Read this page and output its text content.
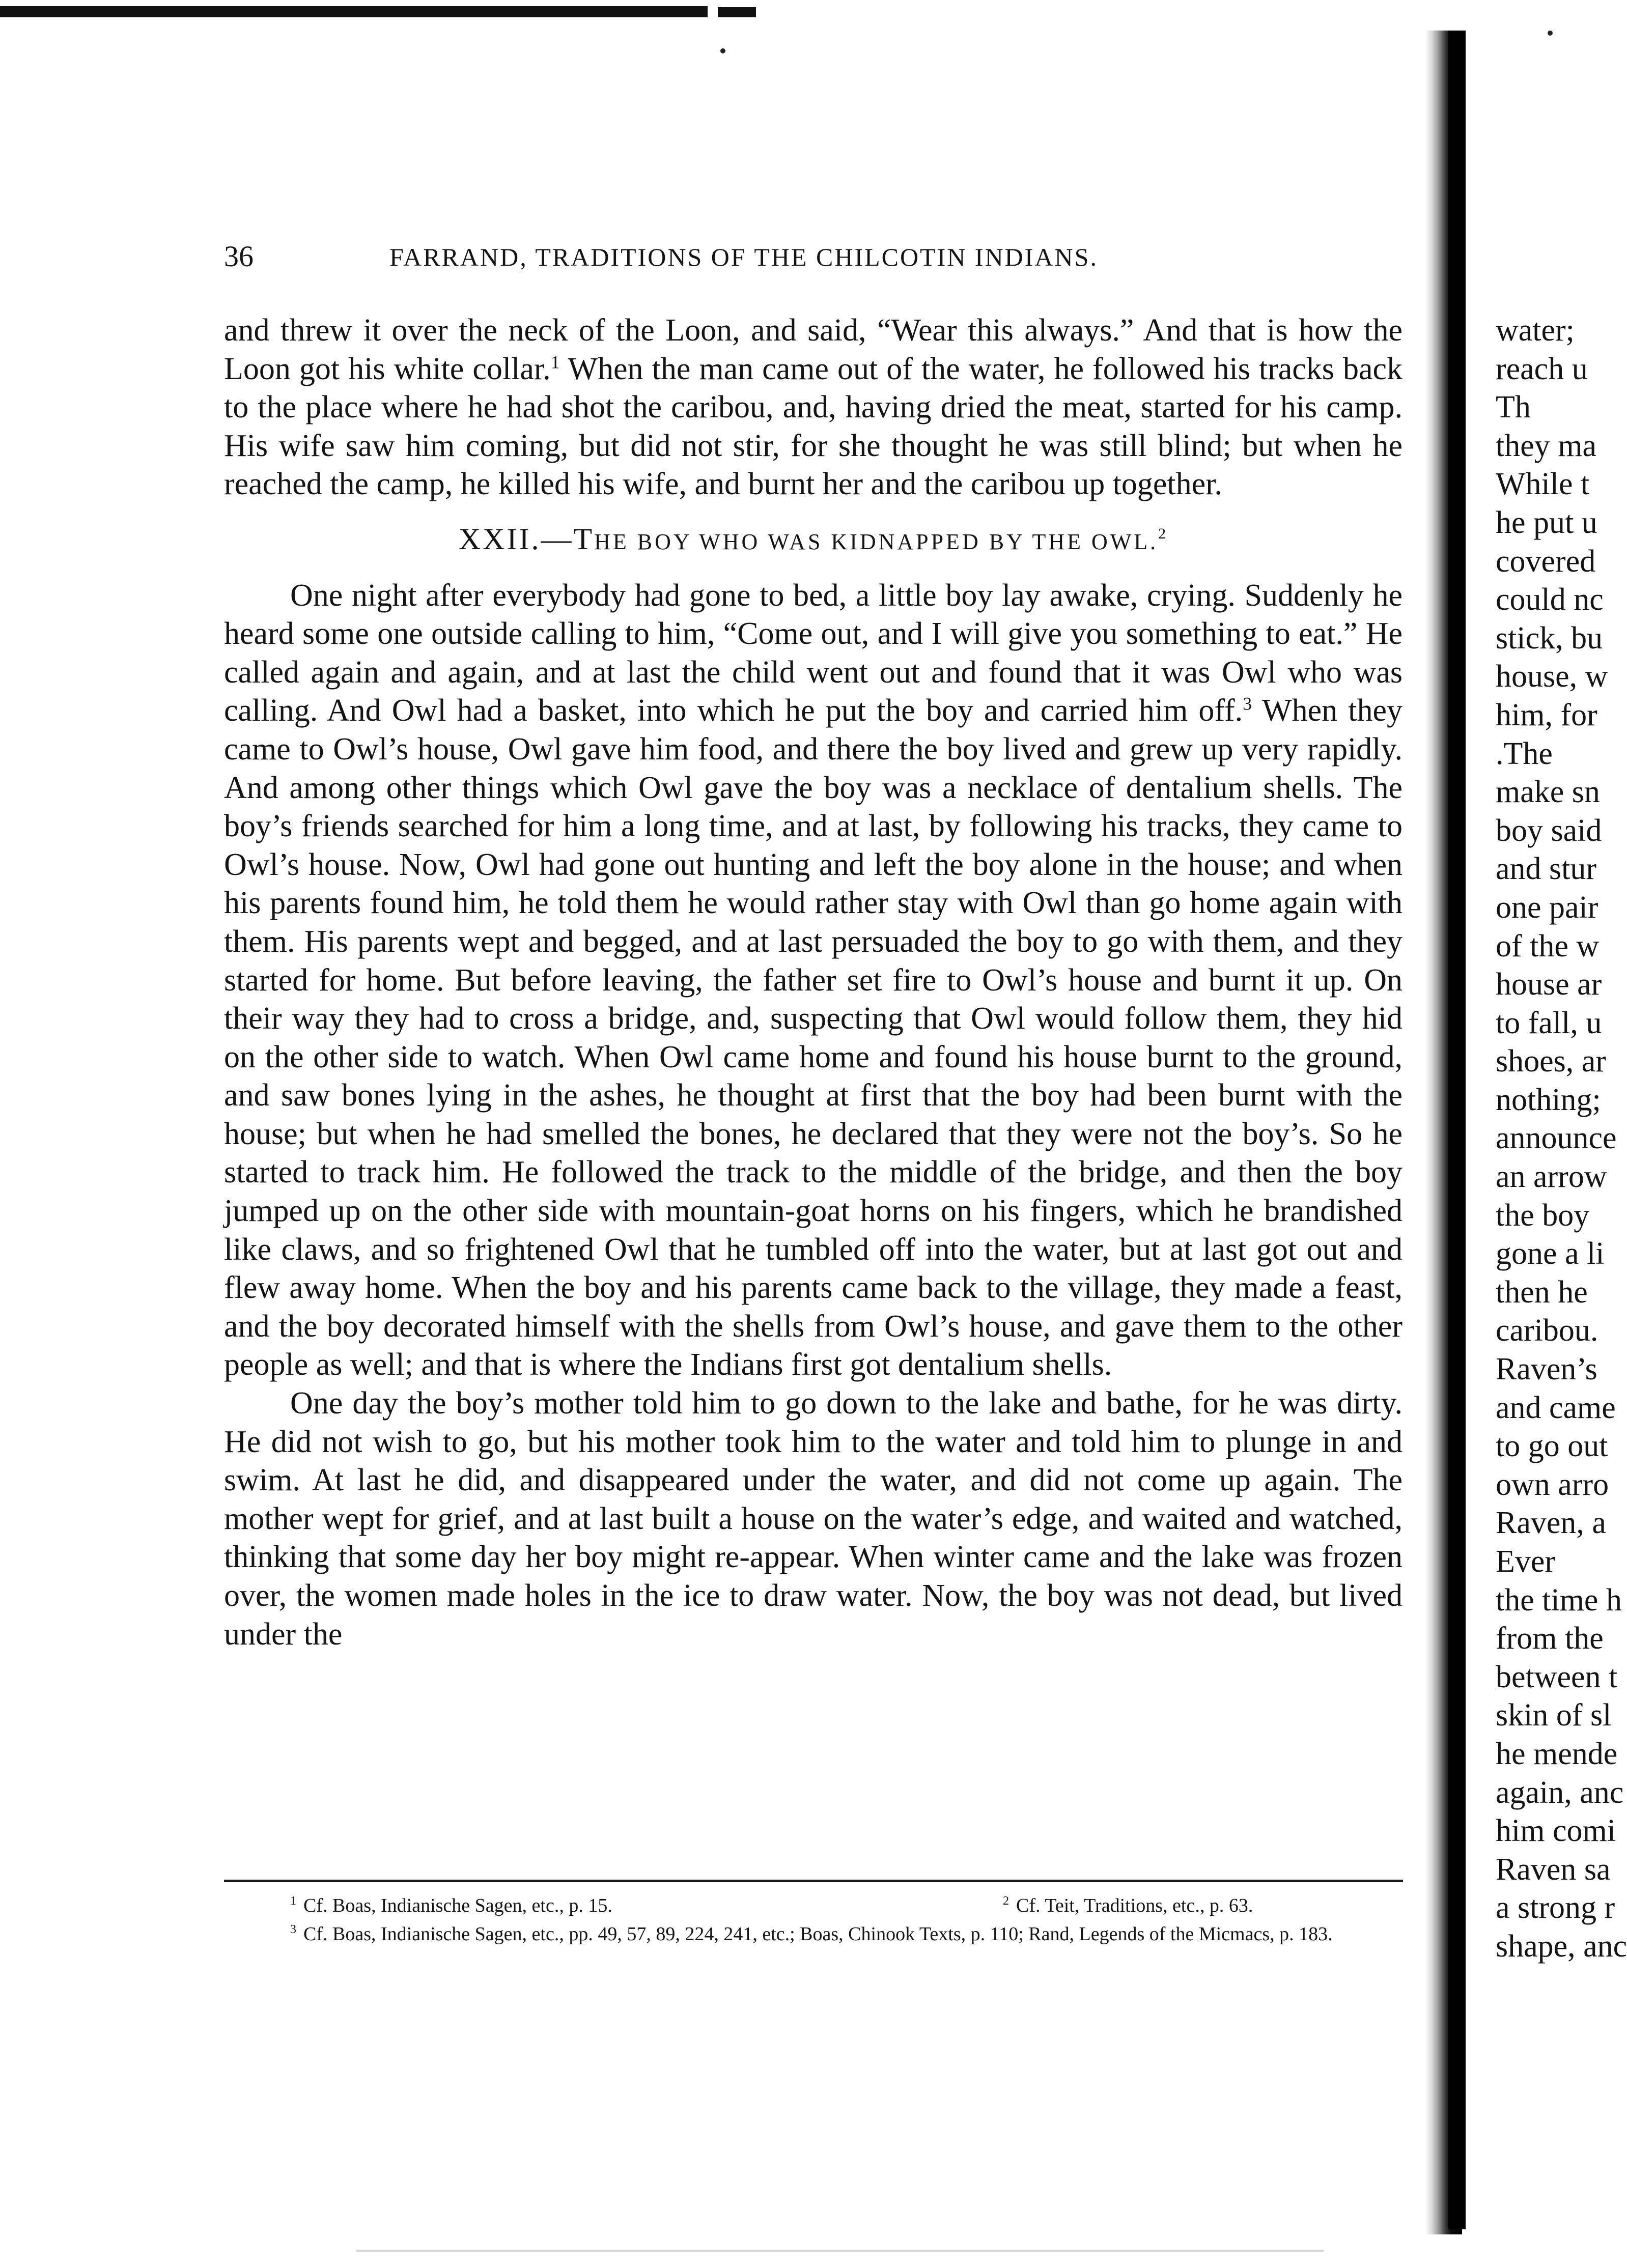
36	FARRAND, TRADITIONS OF THE CHILCOTIN INDIANS.

and threw it over the neck of the Loon, and said, “Wear this always.” And that is how the Loon got his white collar.$^1$ When the man came out of the water, he followed his tracks back to the place where he had shot the caribou, and, having dried the meat, started for his camp. His wife saw him coming, but did not stir, for she thought he was still blind; but when he reached the camp, he killed his wife, and burnt her and the caribou up together.

XXII.—THE BOY WHO WAS KIDNAPPED BY THE OWL.$^2$

One night after everybody had gone to bed, a little boy lay awake, crying. Suddenly he heard some one outside calling to him, “Come out, and I will give you something to eat.” He called again and again, and at last the child went out and found that it was Owl who was calling. And Owl had a basket, into which he put the boy and carried him off.$^3$ When they came to Owl’s house, Owl gave him food, and there the boy lived and grew up very rapidly. And among other things which Owl gave the boy was a necklace of dentalium shells. The boy’s friends searched for him a long time, and at last, by following his tracks, they came to Owl’s house. Now, Owl had gone out hunting and left the boy alone in the house; and when his parents found him, he told them he would rather stay with Owl than go home again with them. His parents wept and begged, and at last persuaded the boy to go with them, and they started for home. But before leaving, the father set fire to Owl’s house and burnt it up. On their way they had to cross a bridge, and, suspecting that Owl would follow them, they hid on the other side to watch. When Owl came home and found his house burnt to the ground, and saw bones lying in the ashes, he thought at first that the boy had been burnt with the house; but when he had smelled the bones, he declared that they were not the boy’s. So he started to track him. He followed the track to the middle of the bridge, and then the boy jumped up on the other side with mountain-goat horns on his fingers, which he brandished like claws, and so frightened Owl that he tumbled off into the water, but at last got out and flew away home. When the boy and his parents came back to the village, they made a feast, and the boy decorated himself with the shells from Owl’s house, and gave them to the other people as well; and that is where the Indians first got dentalium shells.

One day the boy’s mother told him to go down to the lake and bathe, for he was dirty. He did not wish to go, but his mother took him to the water and told him to plunge in and swim. At last he did, and disappeared under the water, and did not come up again. The mother wept for grief, and at last built a house on the water’s edge, and waited and watched, thinking that some day her boy might re-appear. When winter came and the lake was frozen over, the women made holes in the ice to draw water. Now, the boy was not dead, but lived under the

$^1$ Cf. Boas, Indianische Sagen, etc., p. 15.	$^2$ Cf. Teit, Traditions, etc., p. 63.
$^3$ Cf. Boas, Indianische Sagen, etc., pp. 49, 57, 89, 224, 241, etc.; Boas, Chinook Texts, p. 110; Rand, Legends of the Micmacs, p. 183.
water;
reach u
Th
they ma
While t
he put u
covered
could nc
stick, bu
house, w
him, for
.The
make sn
boy said
and stur
one pair
of the w
house ar
to fall, u
shoes, ar
nothing;
announce
an arrow
the boy
gone a li
then he
caribou.
Raven’s
and came
to go out
own arro
Raven, a
Ever
the time h
from the
between t
skin of sl
he mende
again, anc
him comi
Raven sa
a strong r
shape, anc
